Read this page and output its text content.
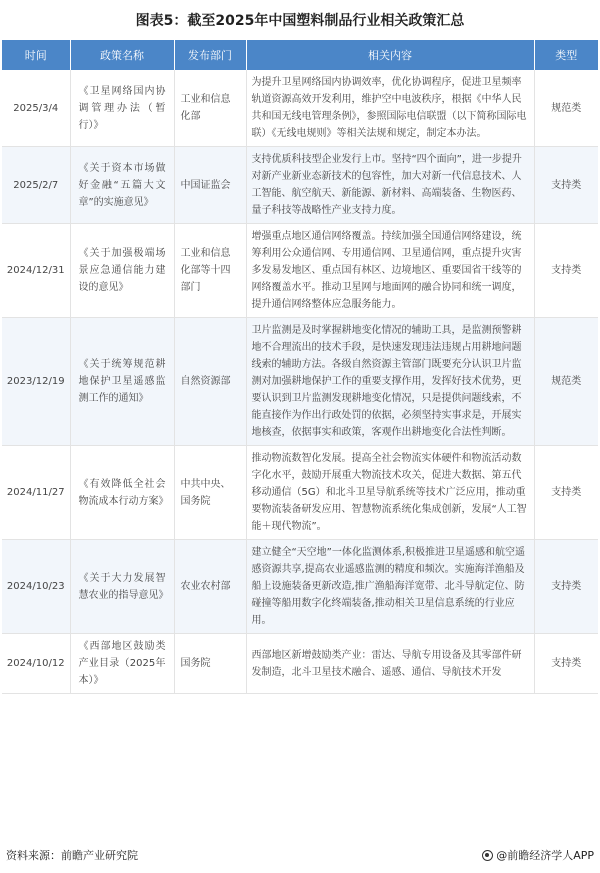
图表5：截至2025年中国塑料制品行业相关政策汇总
时间	政策名称	发布部门	相关内容	类型
2025/3/4	《卫星网络国内协调管理办法（暂行）》	工业和信息化部	为提升卫星网络国内协调效率，优化协调程序，促进卫星频率轨道资源高效开发利用，维护空中电波秩序，根据《中华人民共和国无线电管理条例》，参照国际电信联盟（以下简称国际电联）《无线电规则》等相关法规和规定，制定本办法。	规范类
2025/2/7	《关于资本市场做好金融“五篇大文章”的实施意见》	中国证监会	支持优质科技型企业发行上市。坚持“四个面向”，进一步提升对新产业新业态新技术的包容性，加大对新一代信息技术、人工智能、航空航天、新能源、新材料、高端装备、生物医药、量子科技等战略性产业支持力度。	支持类
2024/12/31	《关于加强极端场景应急通信能力建设的意见》	工业和信息化部等十四部门	增强重点地区通信网络覆盖。持续加强全国通信网络建设，统筹利用公众通信网、专用通信网、卫星通信网，重点提升灾害多发易发地区、重点国有林区、边境地区、重要国省干线等的网络覆盖水平。推动卫星网与地面网的融合协同和统一调度，提升通信网络整体应急服务能力。	支持类
2023/12/19	《关于统筹规范耕地保护卫星遥感监测工作的通知》	自然资源部	卫片监测是及时掌握耕地变化情况的辅助工具，是监测预警耕地不合理流出的技术手段，是快速发现违法违规占用耕地问题线索的辅助方法。各级自然资源主管部门既要充分认识卫片监测对加强耕地保护工作的重要支撑作用，发挥好技术优势，更要认识到卫片监测发现耕地变化情况，只是提供问题线索，不能直接作为作出行政处罚的依据，必须坚持实事求是，开展实地核查，依据事实和政策，客观作出耕地变化合法性判断。	规范类
2024/11/27	《有效降低全社会物流成本行动方案》	中共中央、国务院	推动物流数智化发展。提高全社会物流实体硬件和物流活动数字化水平，鼓励开展重大物流技术攻关，促进大数据、第五代移动通信（5G）和北斗卫星导航系统等技术广泛应用，推动重要物流装备研发应用、智慧物流系统化集成创新，发展“人工智能＋现代物流”。	支持类
2024/10/23	《关于大力发展智慧农业的指导意见》	农业农村部	建立健全“天空地”一体化监测体系,积极推进卫星遥感和航空遥感资源共享,提高农业遥感监测的精度和频次。实施海洋渔船及船上设施装备更新改造,推广渔船海洋宽带、北斗导航定位、防碰撞等船用数字化终端装备,推动相关卫星信息系统的行业应用。	支持类
2024/10/12	《西部地区鼓励类产业目录（2025年本）》	国务院	西部地区新增鼓励类产业：雷达、导航专用设备及其零部件研发制造，北斗卫星技术融合、遥感、通信、导航技术开发	支持类
资料来源：前瞻产业研究院	@前瞻经济学人APP
